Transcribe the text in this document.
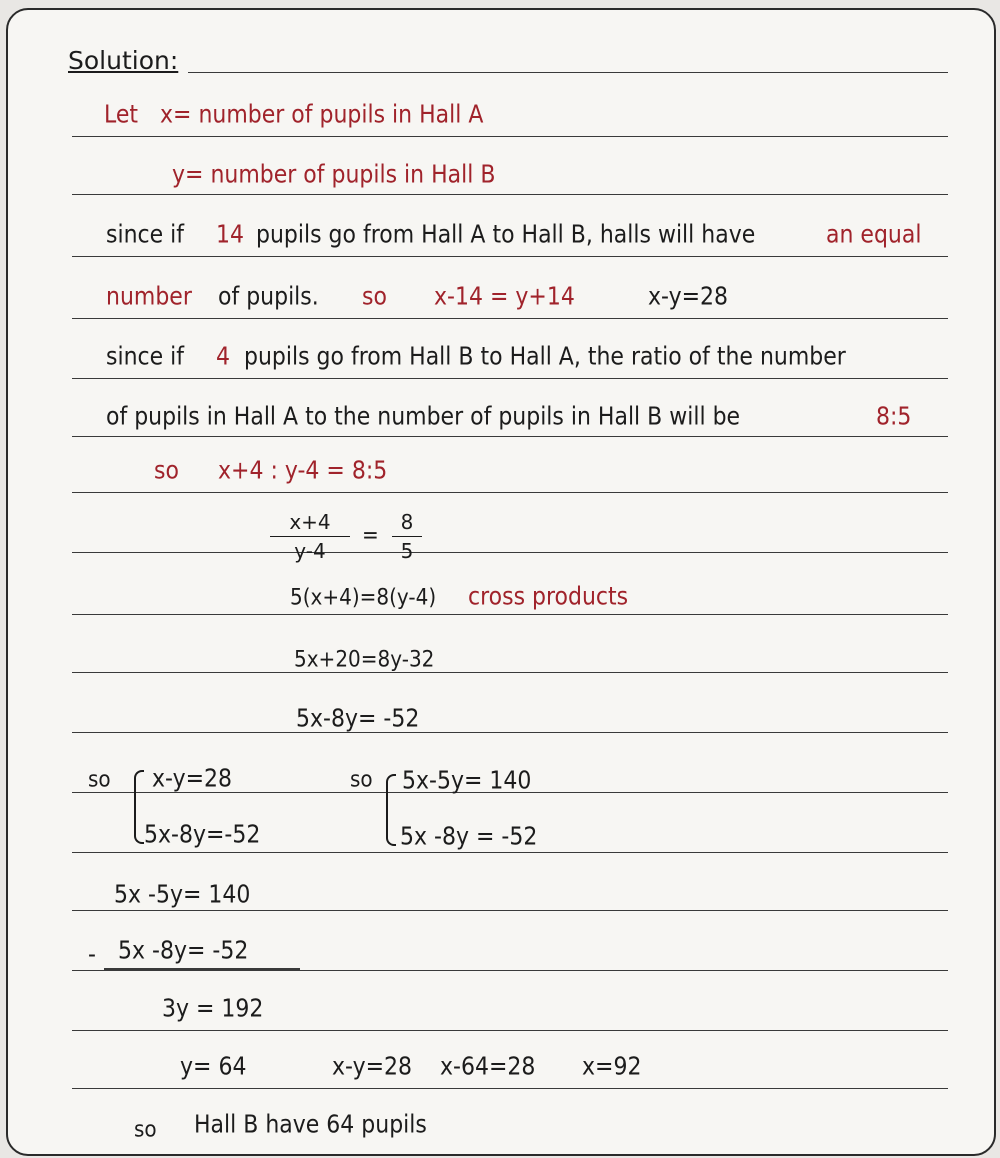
Solution:
Let x= number of pupils in Hall A
y= number of pupils in Hall B
since if 14 pupils go from Hall A to Hall B, halls will have	an equal
number of pupils. so x-14 = y+14	x-y=28
since if 4 pupils go from Hall B to Hall A, the ratio of the number
of pupils in Hall A to the number of pupils in Hall B will be	8:5
so x+4 : y-4 = 8:5
x+4
y-4
=	8
5
5(x+4)=8(y-4) cross products
5x+20=8y-32
5x-8y= -52
so x-y=28
5x-8y=-52
so 5x-5y= 140
5x -8y = -52
5x -5y= 140
- 5x -8y= -52
3y = 192
y= 64	x-y=28 x-64=28 x=92
so Hall B have 64 pupils
